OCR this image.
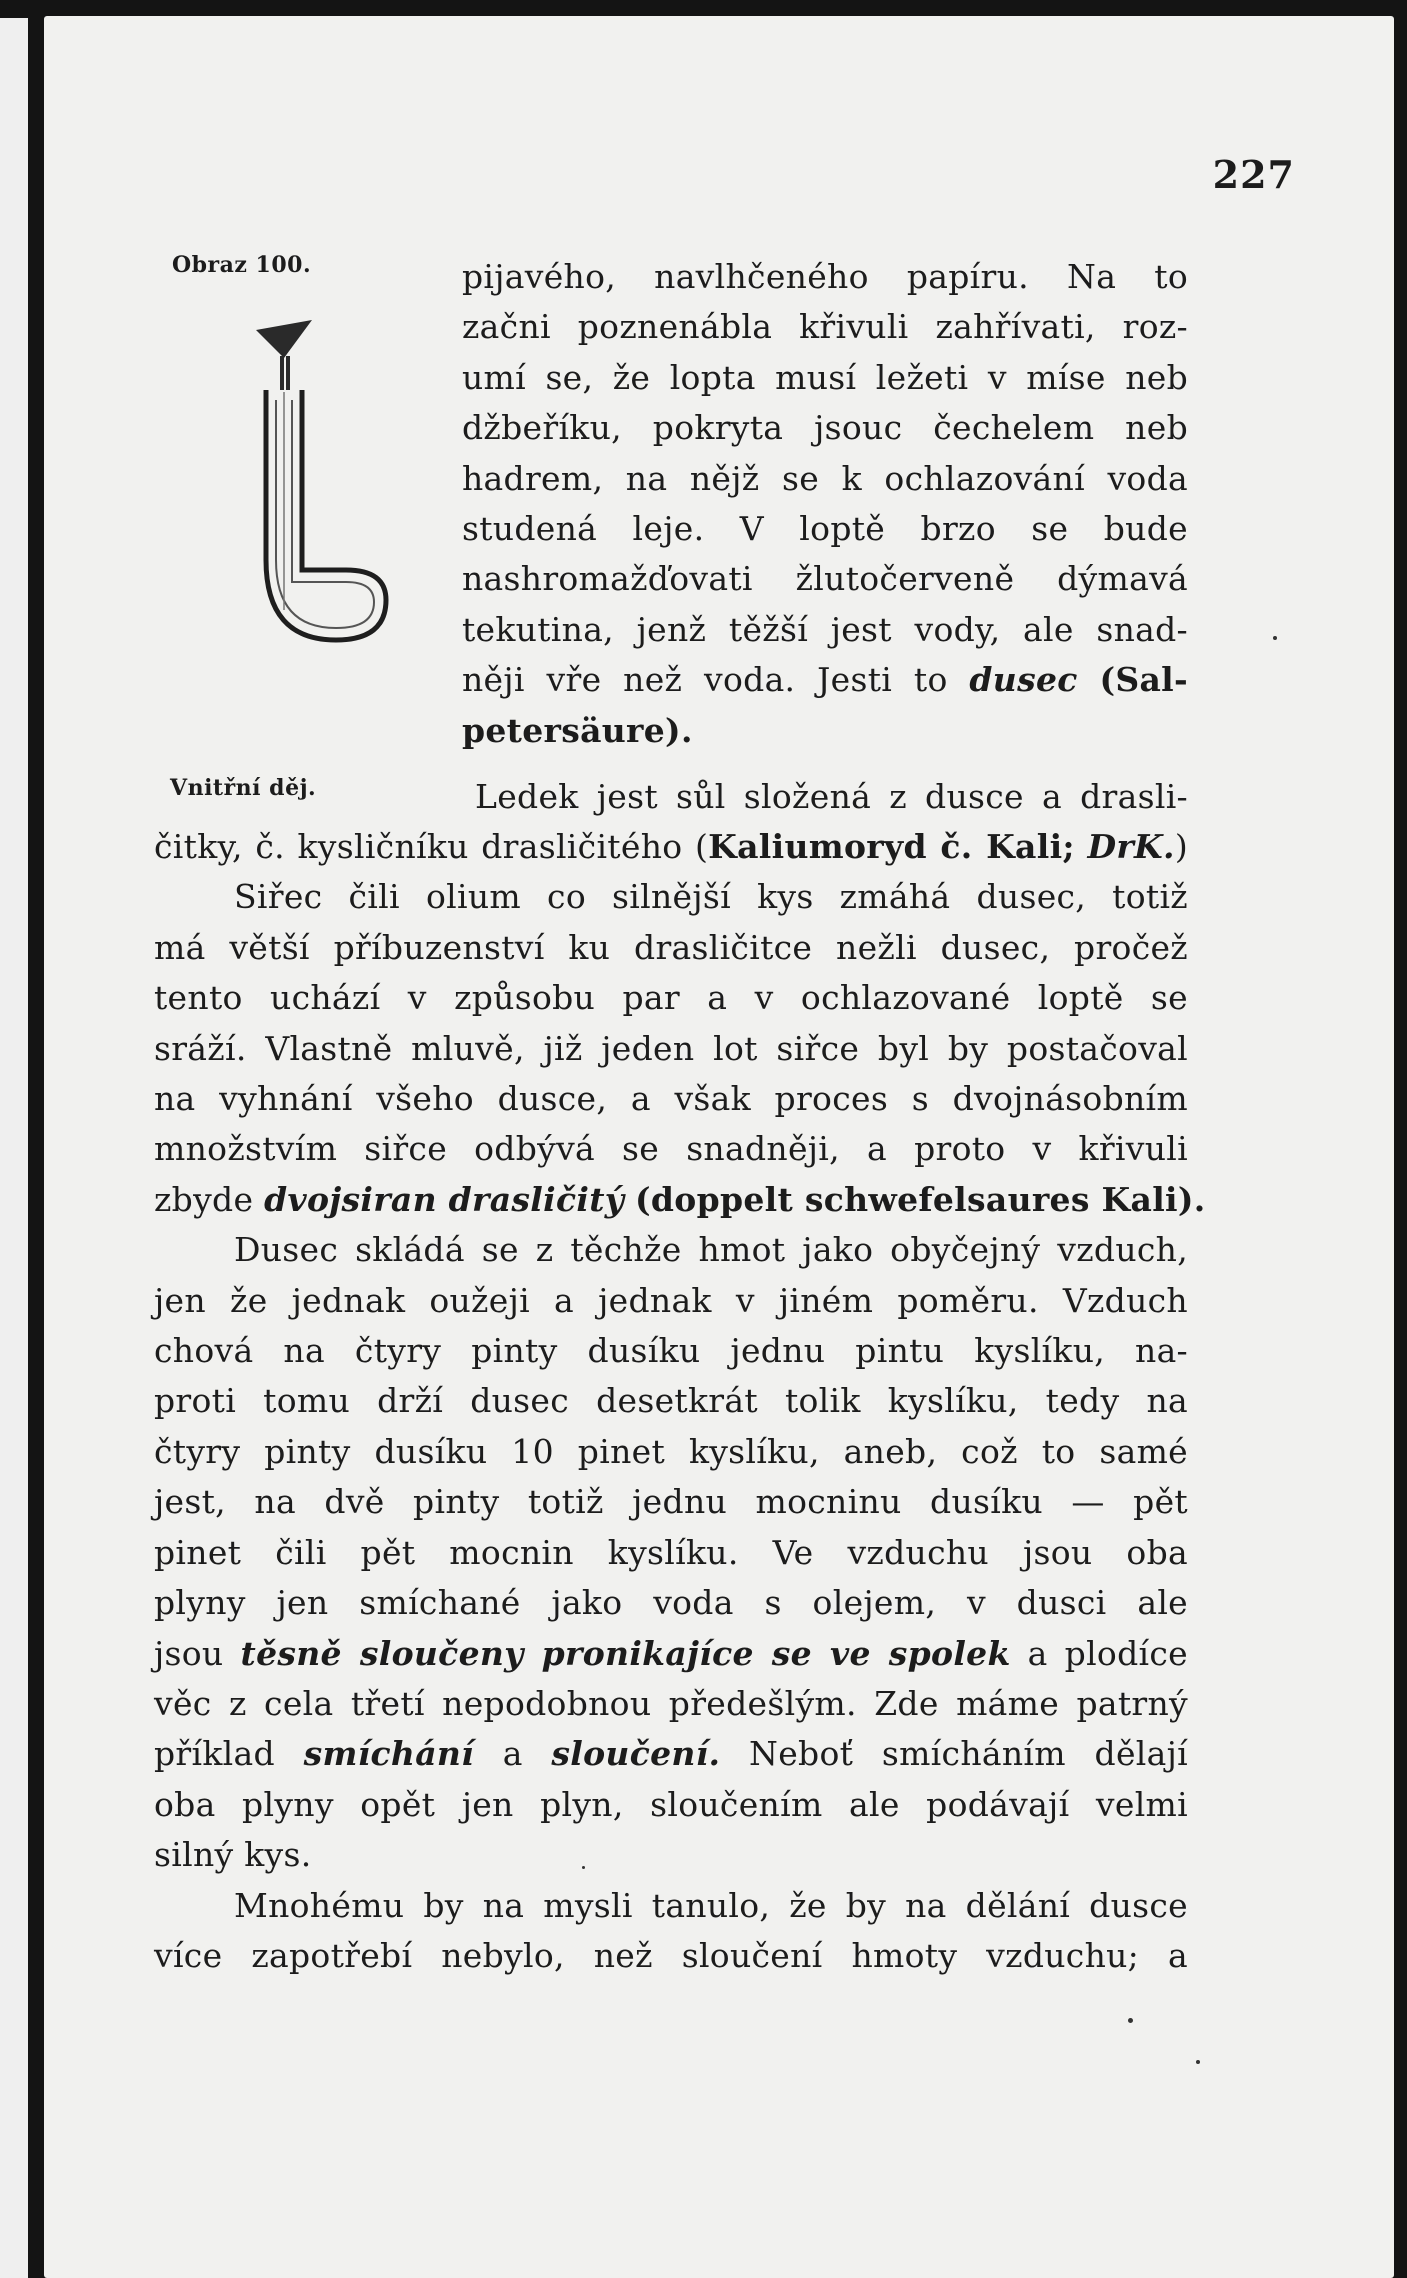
227
Obraz 100.
Vnitřní děj.
pijavého, navlhčeného papíru. Na to
začni poznenábla křivuli zahřívati, roz-
umí se, že lopta musí ležeti v míse neb
džbeříku, pokryta jsouc čechelem neb
hadrem, na nějž se k ochlazování voda
studená leje. V loptě brzo se bude
nashromažďovati žlutočerveně dýmavá
tekutina, jenž těžší jest vody, ale snad-
něji vře než voda. Jesti to dusec (Sal-
petersäure).
Ledek jest sůl složená z dusce a drasli-
čitky, č. kysličníku drasličitého (Kaliumoryd č. Kali; DrK.)
Siřec čili olium co silnější kys zmáhá dusec, totiž
má větší příbuzenství ku drasličitce nežli dusec, pročež
tento uchází v způsobu par a v ochlazované loptě se
sráží. Vlastně mluvě, již jeden lot siřce byl by postačoval
na vyhnání všeho dusce, a však proces s dvojnásobním
množstvím siřce odbývá se snadněji, a proto v křivuli
zbyde dvojsiran drasličitý (doppelt schwefelsaures Kali).
Dusec skládá se z těchže hmot jako obyčejný vzduch,
jen že jednak oužeji a jednak v jiném poměru. Vzduch
chová na čtyry pinty dusíku jednu pintu kyslíku, na-
proti tomu drží dusec desetkrát tolik kyslíku, tedy na
čtyry pinty dusíku 10 pinet kyslíku, aneb, což to samé
jest, na dvě pinty totiž jednu mocninu dusíku — pět
pinet čili pět mocnin kyslíku. Ve vzduchu jsou oba
plyny jen smíchané jako voda s olejem, v dusci ale
jsou těsně sloučeny pronikajíce se ve spolek a plodíce
věc z cela třetí nepodobnou předešlým. Zde máme patrný
příklad smíchání a sloučení. Neboť smícháním dělají
oba plyny opět jen plyn, sloučením ale podávají velmi
silný kys.
Mnohému by na mysli tanulo, že by na dělání dusce
více zapotřebí nebylo, než sloučení hmoty vzduchu; a
